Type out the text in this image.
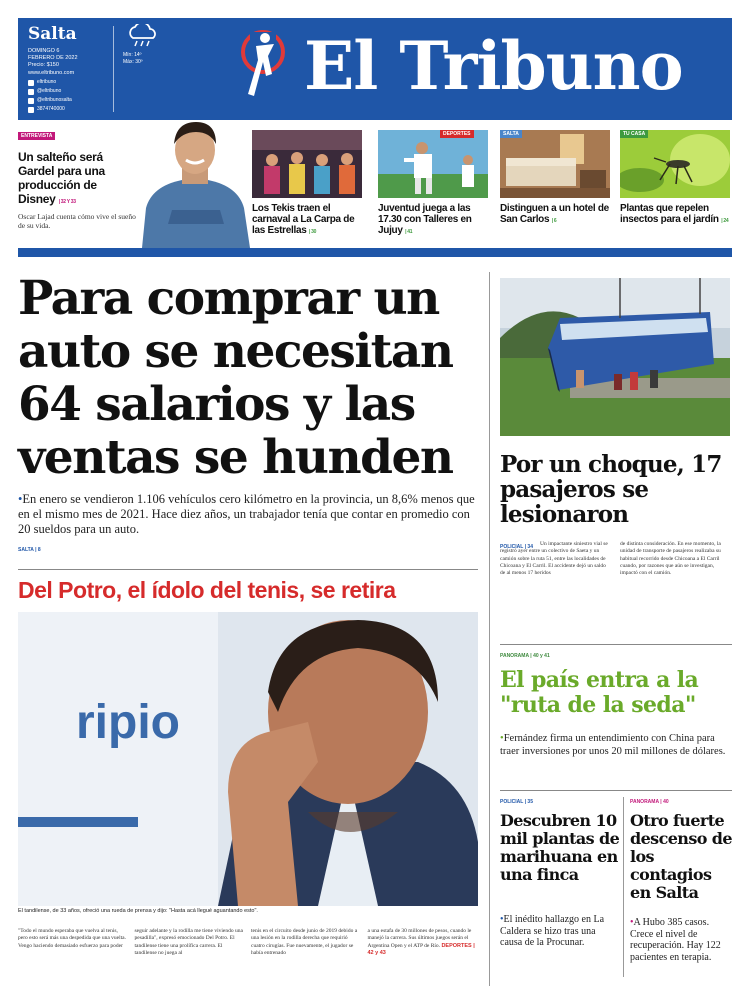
Salta
DOMINGO 6
FEBRERO DE 2022
Precio: $150
www.eltribuno.com
eltribuno
@eltribuno
@eltribunosalta
3874740000
Mín: 14º
Máx: 30º	El Tribuno
ENTREVISTA
Un salteño será Gardel para una producción de Disney | 32 Y 33
Oscar Lajad cuenta cómo vive el sueño de su vida.
Los Tekis traen el carnaval a La Carpa de las Estrellas | 30
DEPORTES
Juventud juega a las 17.30 con Talleres en Jujuy | 41
SALTA
Distinguen a un hotel de San Carlos | 6
TU CASA
Plantas que repelen insectos para el jardín | 24
Para comprar un auto se necesitan 64 salarios y las ventas se hunden

•En enero se vendieron 1.106 vehículos cero kilómetro en la provincia, un 8,6% menos que en el mismo mes de 2021. Hace diez años, un trabajador tenía que contar en promedio con 20 sueldos para un auto.

SALTA | 8
Del Potro, el ídolo del tenis, se retira
ripio
El tandilense, de 33 años, ofreció una rueda de prensa y dijo: "Hasta acá llegué aguantando esto".

"Todo el mundo esperaba que vuelva al tenis, pero esto será más una despedida que una vuelta. Vengo haciendo demasiado esfuerzo para poder

seguir adelante y la rodilla me tiene viviendo una pesadilla", expresó emocionado Del Potro. El tandilense tiene una prolífica carrera. El tandilense no juega al

tenis en el circuito desde junio de 2019 debido a una lesión en la rodilla derecha que requirió cuatro cirugías. Fue nuevamente, el jugador se había entrenado

a una estafa de 30 millones de pesos, cuando le manejó la carrera. Sus últimos juegos serán el Argentina Open y el ATP de Río. DEPORTES | 42 y 43

Por un choque, 17 pasajeros se lesionaron

Un impactante siniestro vial se registró ayer entre un colectivo de Saeta y un camión sobre la ruta 51, entre las localidades de Chicoana y El Carril. El accidente dejó un saldo de al menos 17 heridos

de distinta consideración. En ese momento, la unidad de transporte de pasajeros realizaba su habitual recorrido desde Chicoana a El Carril cuando, por razones que aún se investigan, impactó con el camión.

POLICIAL | 34
PANORAMA | 40 y 41
El país entra a la "ruta de la seda"

•Fernández firma un entendimiento con China para traer inversiones por unos 20 mil millones de dólares.

POLICIAL | 35
Descubren 10 mil plantas de marihuana en una finca

•El inédito hallazgo en La Caldera se hizo tras una causa de la Procunar.

PANORAMA | 40
Otro fuerte descenso de los contagios en Salta

•A Hubo 385 casos. Crece el nivel de recuperación. Hay 122 pacientes en terapia.
